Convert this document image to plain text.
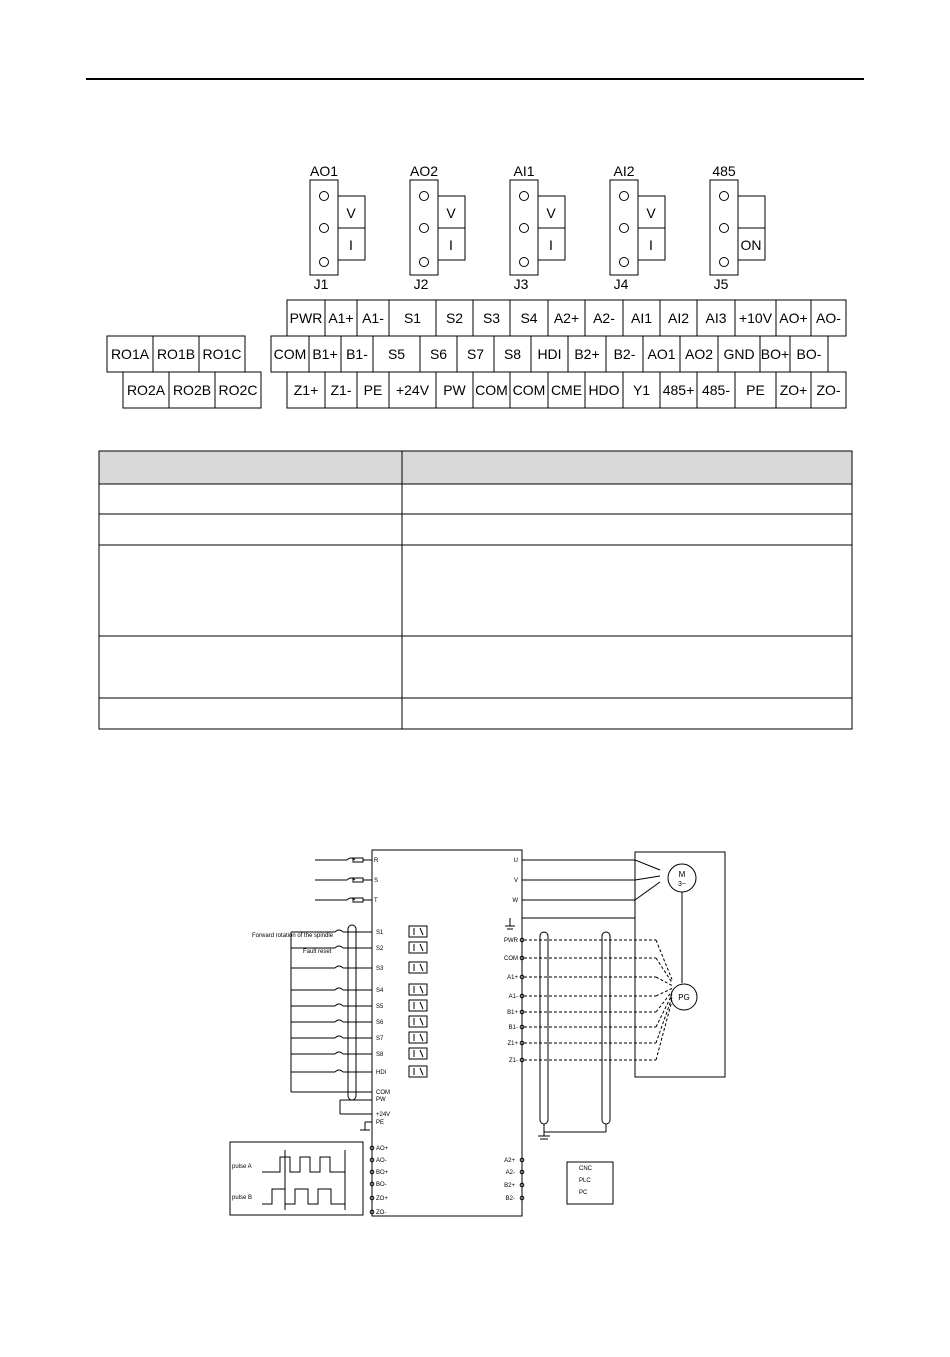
AO1
V
I
J1
AO2
V
I
J2
AI1
V
I
J3
AI2
V
I
J4
485
ON
J5
PWR A1+ A1- S1 S2 S3 S4 A2+ A2- AI1 AI2 AI3 +10V AO+ AO-
COM B1+ B1- S5 S6 S7 S8 HDI B2+ B2- AO1 AO2 GND BO+ BO-
Z1+ Z1- PE +24V PW COM COM CME HDO Y1 485+ 485- PE ZO+ ZO-
RO1A RO1B RO1C
RO2A RO2B RO2C
R
S
T
U
V
W
M
3~
PG
PWR
COM
A1+
A1-
B1+
B1-
Z1+
Z1-
S1
S2
S3
S4
S5
S6
S7
S8
HDI
Forward rotation of the spindle
Fault reset
COM
PW
+24V
PE
AO+
AO-
BO+
BO-
ZO+
ZO-
pulse A
pulse B
A2+
A2-
B2+
B2-
CNC
PLC
PC
